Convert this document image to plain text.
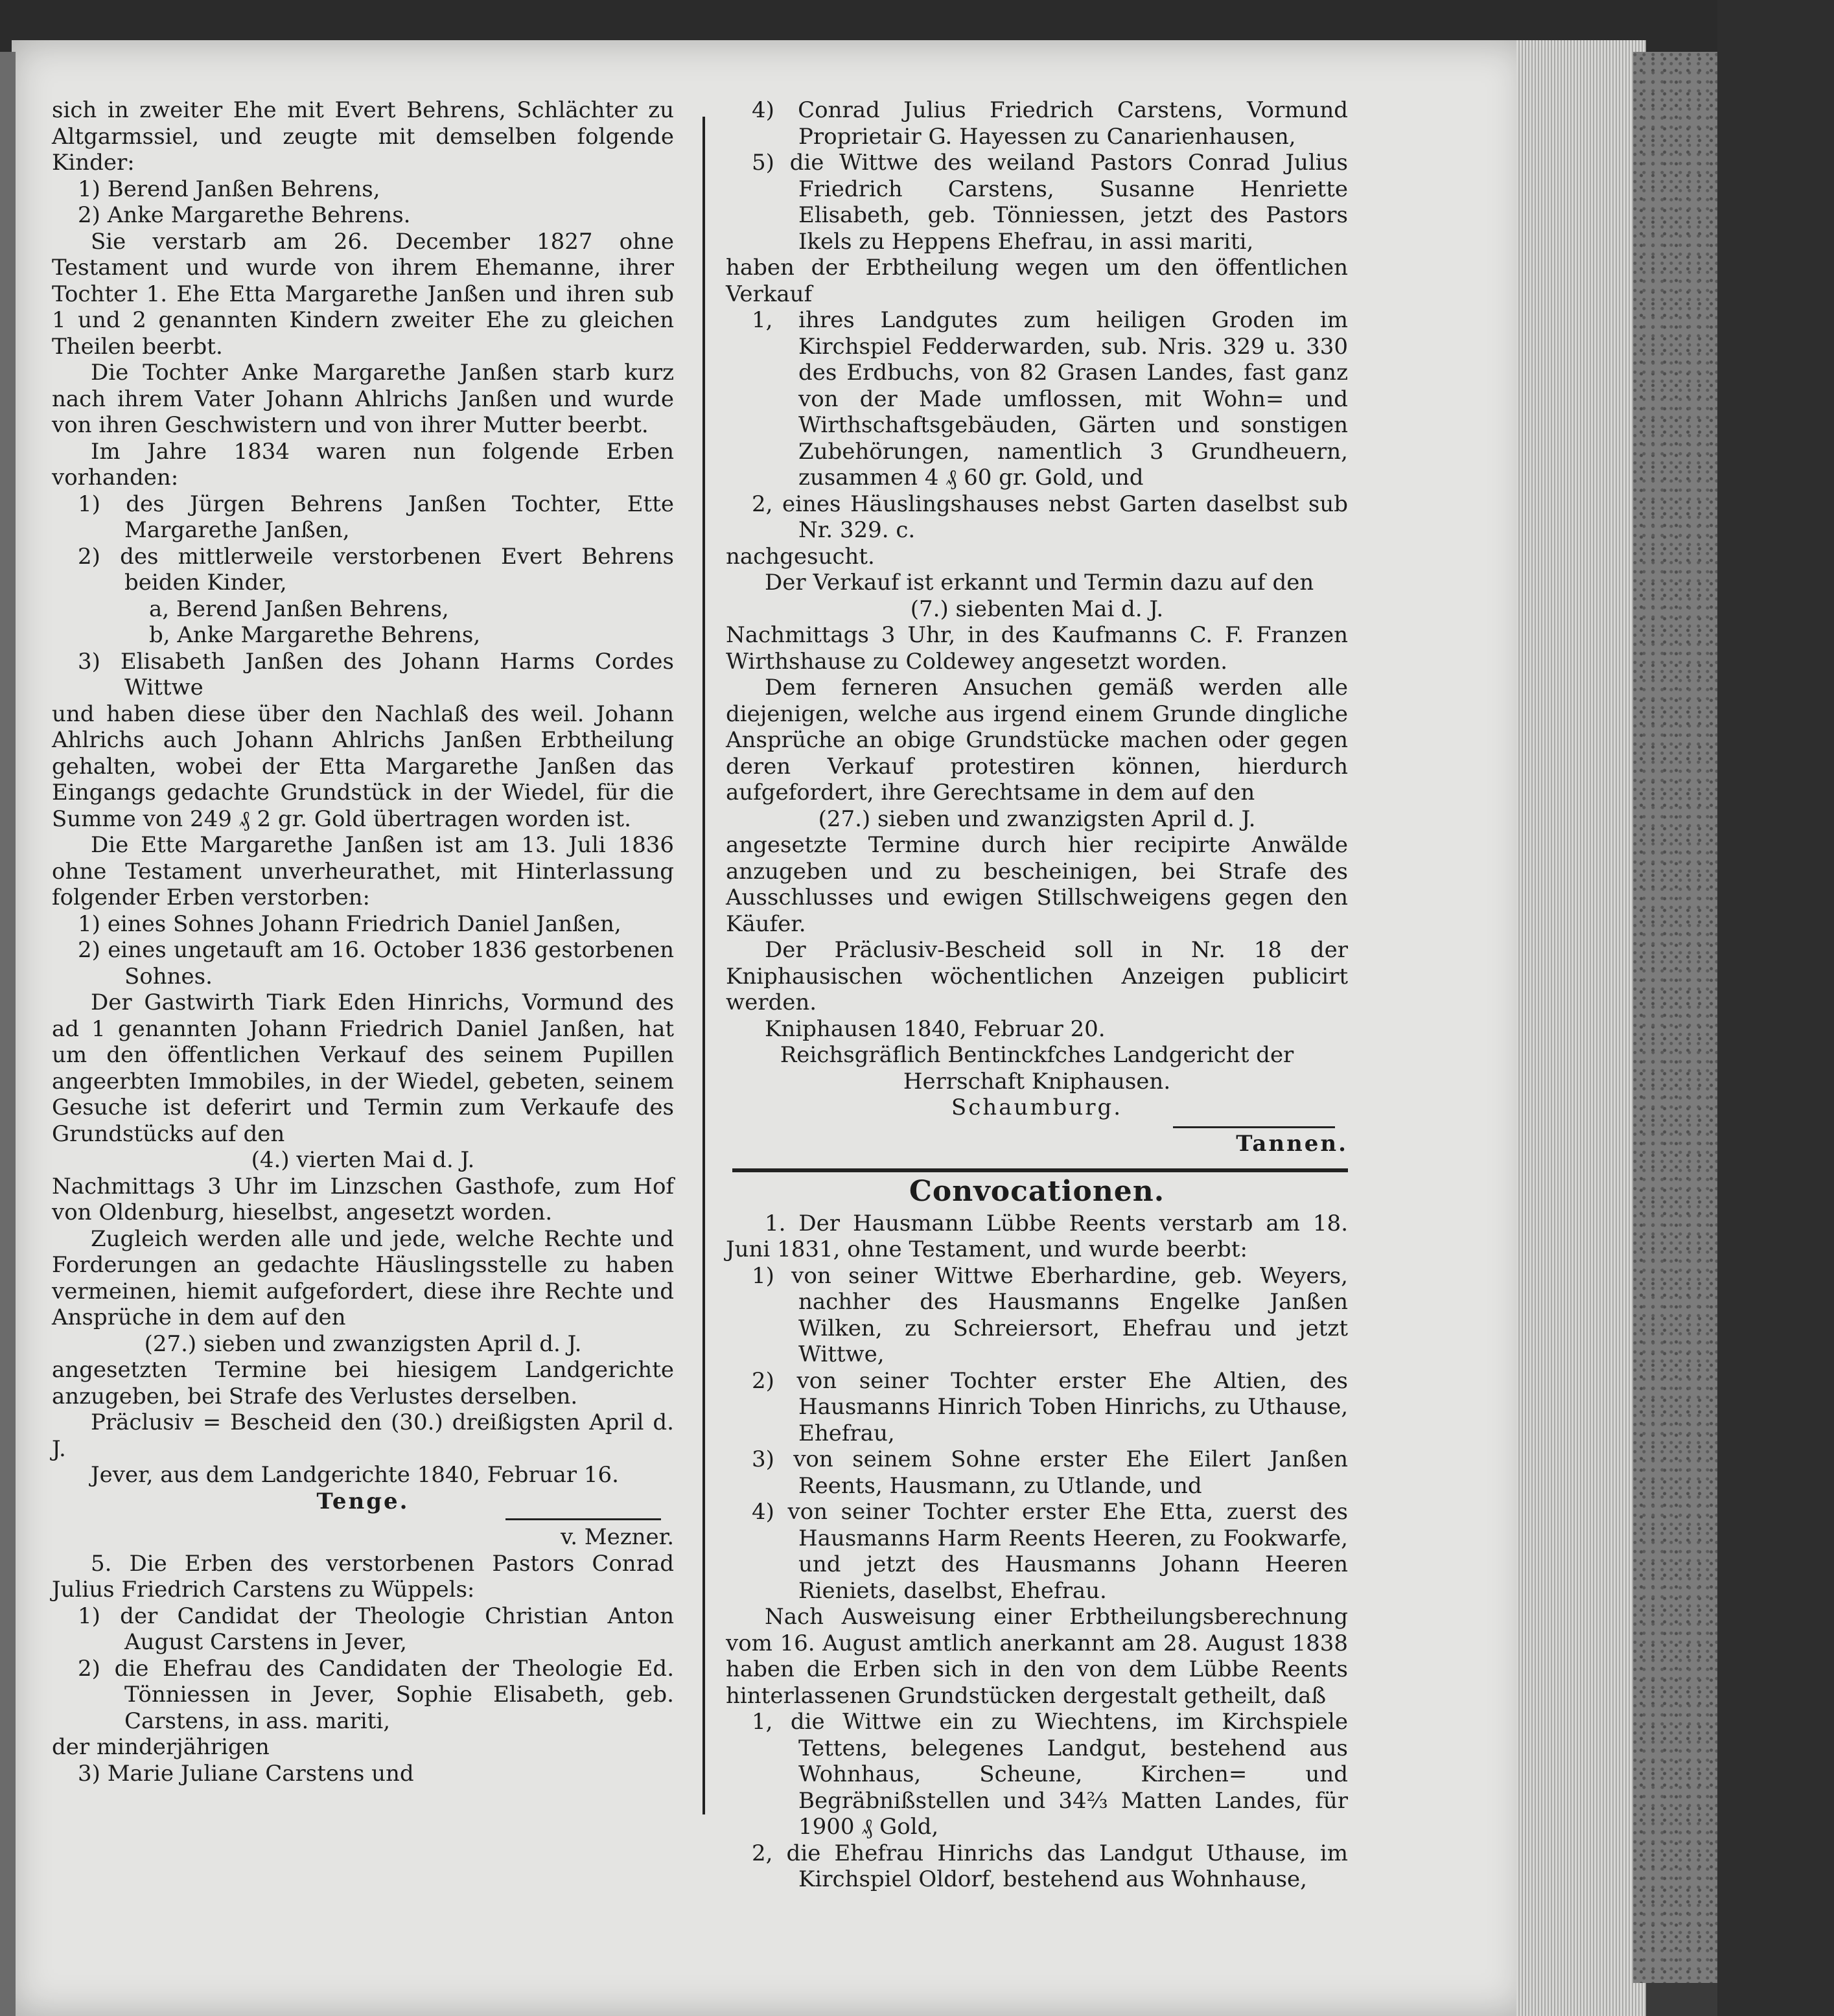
sich in zweiter Ehe mit Evert Behrens, Schlächter zu Altgarmssiel, und zeugte mit demselben folgende Kinder:

1) Berend Janßen Behrens,

2) Anke Margarethe Behrens.

Sie verstarb am 26. December 1827 ohne Testament und wurde von ihrem Ehemanne, ihrer Tochter 1. Ehe Etta Margarethe Janßen und ihren sub 1 und 2 genannten Kindern zweiter Ehe zu gleichen Theilen beerbt.

Die Tochter Anke Margarethe Janßen starb kurz nach ihrem Vater Johann Ahlrichs Janßen und wurde von ihren Geschwistern und von ihrer Mutter beerbt.

Im Jahre 1834 waren nun folgende Erben vorhanden:

1) des Jürgen Behrens Janßen Tochter, Ette Margarethe Janßen,

2) des mittlerweile verstorbenen Evert Behrens beiden Kinder,

a, Berend Janßen Behrens,

b, Anke Margarethe Behrens,

3) Elisabeth Janßen des Johann Harms Cordes Wittwe

und haben diese über den Nachlaß des weil. Johann Ahlrichs auch Johann Ahlrichs Janßen Erbtheilung gehalten, wobei der Etta Margarethe Janßen das Eingangs gedachte Grundstück in der Wiedel, für die Summe von 249 ₰ 2 gr. Gold übertragen worden ist.

Die Ette Margarethe Janßen ist am 13. Juli 1836 ohne Testament unverheurathet, mit Hinterlassung folgender Erben verstorben:

1) eines Sohnes Johann Friedrich Daniel Janßen,

2) eines ungetauft am 16. October 1836 gestorbenen Sohnes.

Der Gastwirth Tiark Eden Hinrichs, Vormund des ad 1 genannten Johann Friedrich Daniel Janßen, hat um den öffentlichen Verkauf des seinem Pupillen angeerbten Immobiles, in der Wiedel, gebeten, seinem Gesuche ist deferirt und Termin zum Verkaufe des Grundstücks auf den

(4.) vierten Mai d. J.

Nachmittags 3 Uhr im Linzschen Gasthofe, zum Hof von Oldenburg, hieselbst, angesetzt worden.

Zugleich werden alle und jede, welche Rechte und Forderungen an gedachte Häuslingsstelle zu haben vermeinen, hiemit aufgefordert, diese ihre Rechte und Ansprüche in dem auf den

(27.) sieben und zwanzigsten April d. J.

angesetzten Termine bei hiesigem Landgerichte anzugeben, bei Strafe des Verlustes derselben.

Präclusiv = Bescheid den (30.) dreißigsten April d. J.

Jever, aus dem Landgerichte 1840, Februar 16.

Tenge.

v. Mezner.

5. Die Erben des verstorbenen Pastors Conrad Julius Friedrich Carstens zu Wüppels:

1) der Candidat der Theologie Christian Anton August Carstens in Jever,

2) die Ehefrau des Candidaten der Theologie Ed. Tönniessen in Jever, Sophie Elisabeth, geb. Carstens, in ass. mariti,

der minderjährigen

3) Marie Juliane Carstens und

4) Conrad Julius Friedrich Carstens, Vormund Proprietair G. Hayessen zu Canarienhausen,

5) die Wittwe des weiland Pastors Conrad Julius Friedrich Carstens, Susanne Henriette Elisabeth, geb. Tönniessen, jetzt des Pastors Ikels zu Heppens Ehefrau, in assi mariti,

haben der Erbtheilung wegen um den öffentlichen Verkauf

1, ihres Landgutes zum heiligen Groden im Kirchspiel Fedderwarden, sub. Nris. 329 u. 330 des Erdbuchs, von 82 Grasen Landes, fast ganz von der Made umflossen, mit Wohn= und Wirthschaftsgebäuden, Gärten und sonstigen Zubehörungen, namentlich 3 Grundheuern, zusammen 4 ₰ 60 gr. Gold, und

2, eines Häuslingshauses nebst Garten daselbst sub Nr. 329. c.

nachgesucht.

Der Verkauf ist erkannt und Termin dazu auf den

(7.) siebenten Mai d. J.

Nachmittags 3 Uhr, in des Kaufmanns C. F. Franzen Wirthshause zu Coldewey angesetzt worden.

Dem ferneren Ansuchen gemäß werden alle diejenigen, welche aus irgend einem Grunde dingliche Ansprüche an obige Grundstücke machen oder gegen deren Verkauf protestiren können, hierdurch aufgefordert, ihre Gerechtsame in dem auf den

(27.) sieben und zwanzigsten April d. J.

angesetzte Termine durch hier recipirte Anwälde anzugeben und zu bescheinigen, bei Strafe des Ausschlusses und ewigen Stillschweigens gegen den Käufer.

Der Präclusiv-Bescheid soll in Nr. 18 der Kniphausischen wöchentlichen Anzeigen publicirt werden.

Kniphausen 1840, Februar 20.

Reichsgräflich Bentinckfches Landgericht der Herrschaft Kniphausen.

Schaumburg.

Tannen.

Convocationen.

1. Der Hausmann Lübbe Reents verstarb am 18. Juni 1831, ohne Testament, und wurde beerbt:

1) von seiner Wittwe Eberhardine, geb. Weyers, nachher des Hausmanns Engelke Janßen Wilken, zu Schreiersort, Ehefrau und jetzt Wittwe,

2) von seiner Tochter erster Ehe Altien, des Hausmanns Hinrich Toben Hinrichs, zu Uthause, Ehefrau,

3) von seinem Sohne erster Ehe Eilert Janßen Reents, Hausmann, zu Utlande, und

4) von seiner Tochter erster Ehe Etta, zuerst des Hausmanns Harm Reents Heeren, zu Fookwarfe, und jetzt des Hausmanns Johann Heeren Rieniets, daselbst, Ehefrau.

Nach Ausweisung einer Erbtheilungsberechnung vom 16. August amtlich anerkannt am 28. August 1838 haben die Erben sich in den von dem Lübbe Reents hinterlassenen Grundstücken dergestalt getheilt, daß

1, die Wittwe ein zu Wiechtens, im Kirchspiele Tettens, belegenes Landgut, bestehend aus Wohnhaus, Scheune, Kirchen= und Begräbnißstellen und 34⅔ Matten Landes, für 1900 ₰ Gold,

2, die Ehefrau Hinrichs das Landgut Uthause, im Kirchspiel Oldorf, bestehend aus Wohnhause,
